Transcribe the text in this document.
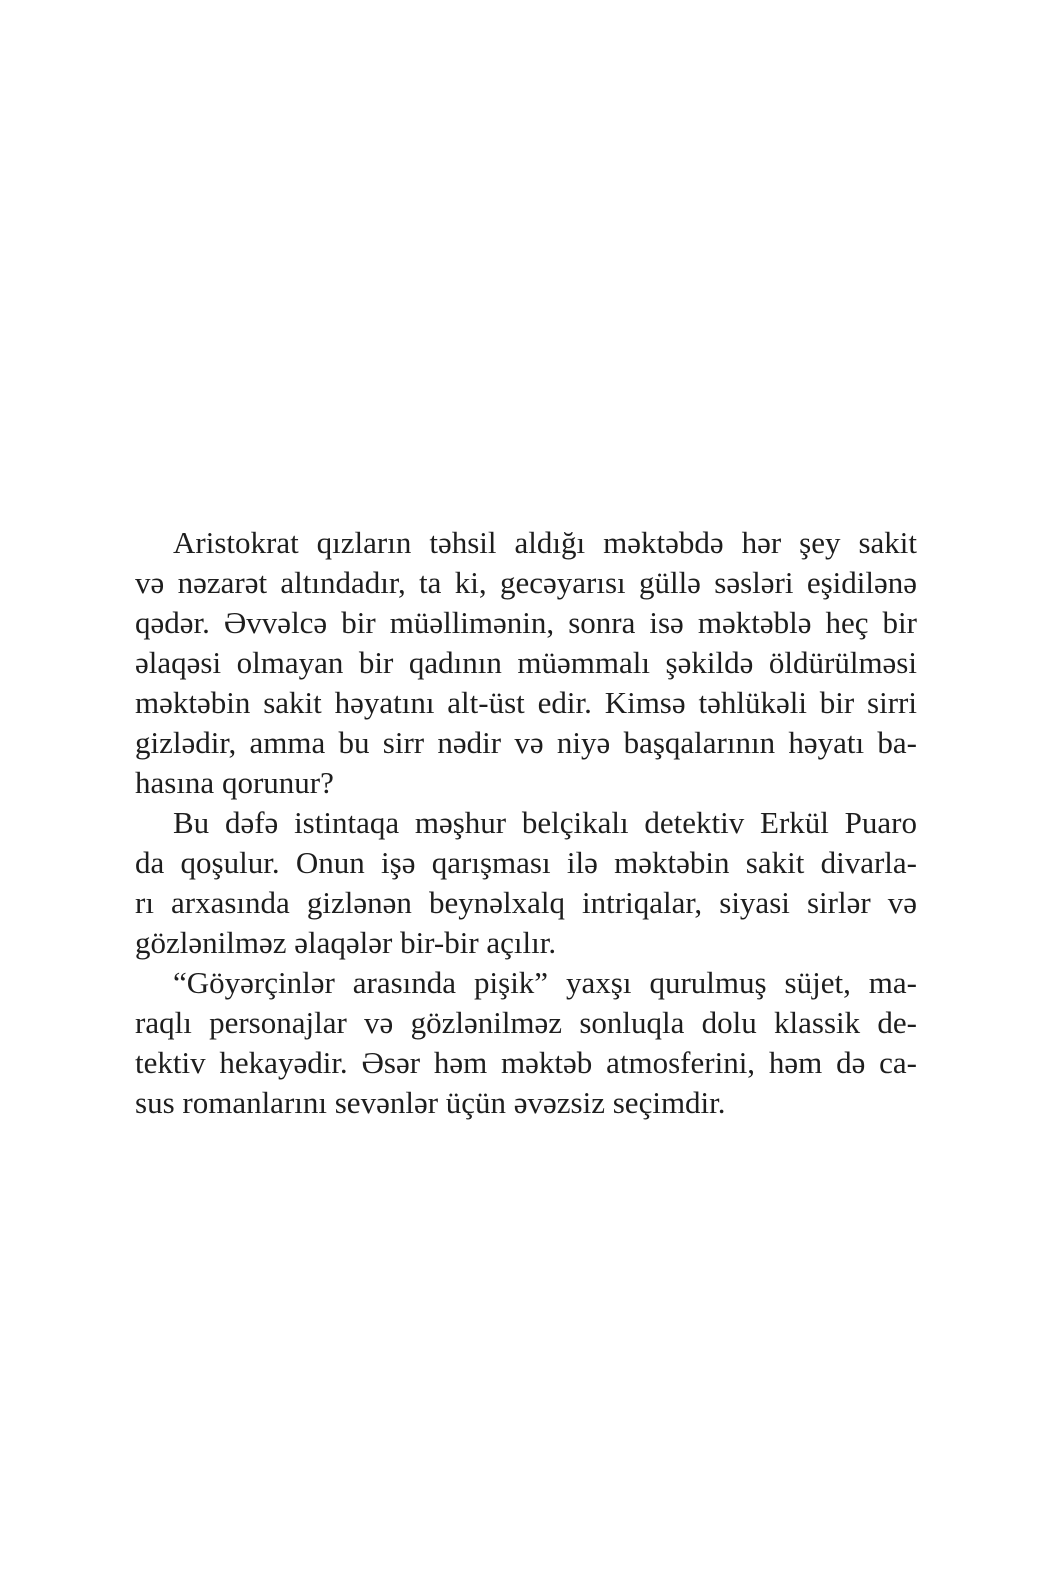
Aristokrat qızların təhsil aldığı məktəbdə hər şey sakit
və nəzarət altındadır, ta ki, gecəyarısı güllə səsləri eşidilənə
qədər. Əvvəlcə bir müəllimənin, sonra isə məktəblə heç bir
əlaqəsi olmayan bir qadının müəmmalı şəkildə öldürülməsi
məktəbin sakit həyatını alt-üst edir. Kimsə təhlükəli bir sirri
gizlədir, amma bu sirr nədir və niyə başqalarının həyatı ba-
hasına qorunur?
Bu dəfə istintaqa məşhur belçikalı detektiv Erkül Puaro
da qoşulur. Onun işə qarışması ilə məktəbin sakit divarla-
rı arxasında gizlənən beynəlxalq intriqalar, siyasi sirlər və
gözlənilməz əlaqələr bir-bir açılır.
“Göyərçinlər arasında pişik” yaxşı qurulmuş süjet, ma-
raqlı personajlar və gözlənilməz sonluqla dolu klassik de-
tektiv hekayədir. Əsər həm məktəb atmosferini, həm də ca-
sus romanlarını sevənlər üçün əvəzsiz seçimdir.
